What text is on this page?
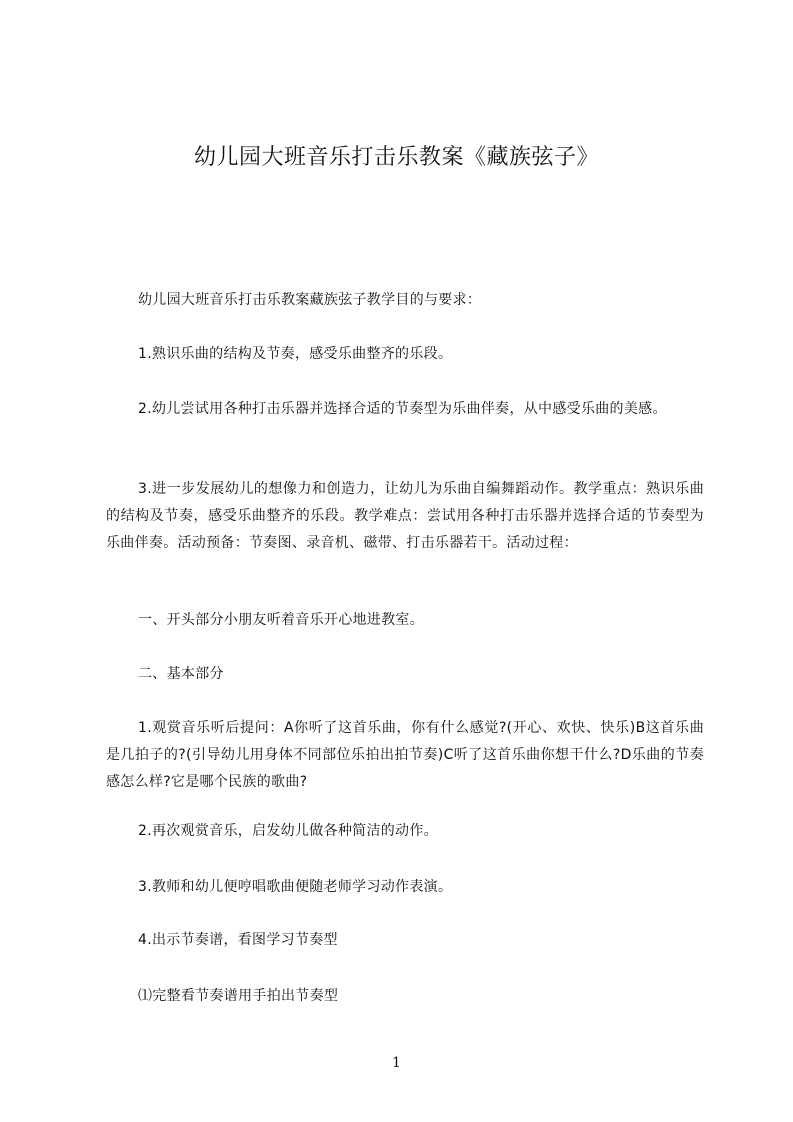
幼儿园大班音乐打击乐教案《藏族弦子》
幼儿园大班音乐打击乐教案藏族弦子教学目的与要求：
1.熟识乐曲的结构及节奏，感受乐曲整齐的乐段。
2.幼儿尝试用各种打击乐器并选择合适的节奏型为乐曲伴奏，从中感受乐曲的美感。
3.进一步发展幼儿的想像力和创造力，让幼儿为乐曲自编舞蹈动作。教学重点：熟识乐曲的结构及节奏，感受乐曲整齐的乐段。教学难点：尝试用各种打击乐器并选择合适的节奏型为乐曲伴奏。活动预备：节奏图、录音机、磁带、打击乐器若干。活动过程：
一、开头部分小朋友听着音乐开心地进教室。
二、基本部分
1.观赏音乐听后提问：A你听了这首乐曲，你有什么感觉?(开心、欢快、快乐)B这首乐曲是几拍子的?(引导幼儿用身体不同部位乐拍出拍节奏)C听了这首乐曲你想干什么?D乐曲的节奏感怎么样?它是哪个民族的歌曲?
2.再次观赏音乐，启发幼儿做各种简洁的动作。
3.教师和幼儿便哼唱歌曲便随老师学习动作表演。
4.出示节奏谱，看图学习节奏型
⑴完整看节奏谱用手拍出节奏型
1
